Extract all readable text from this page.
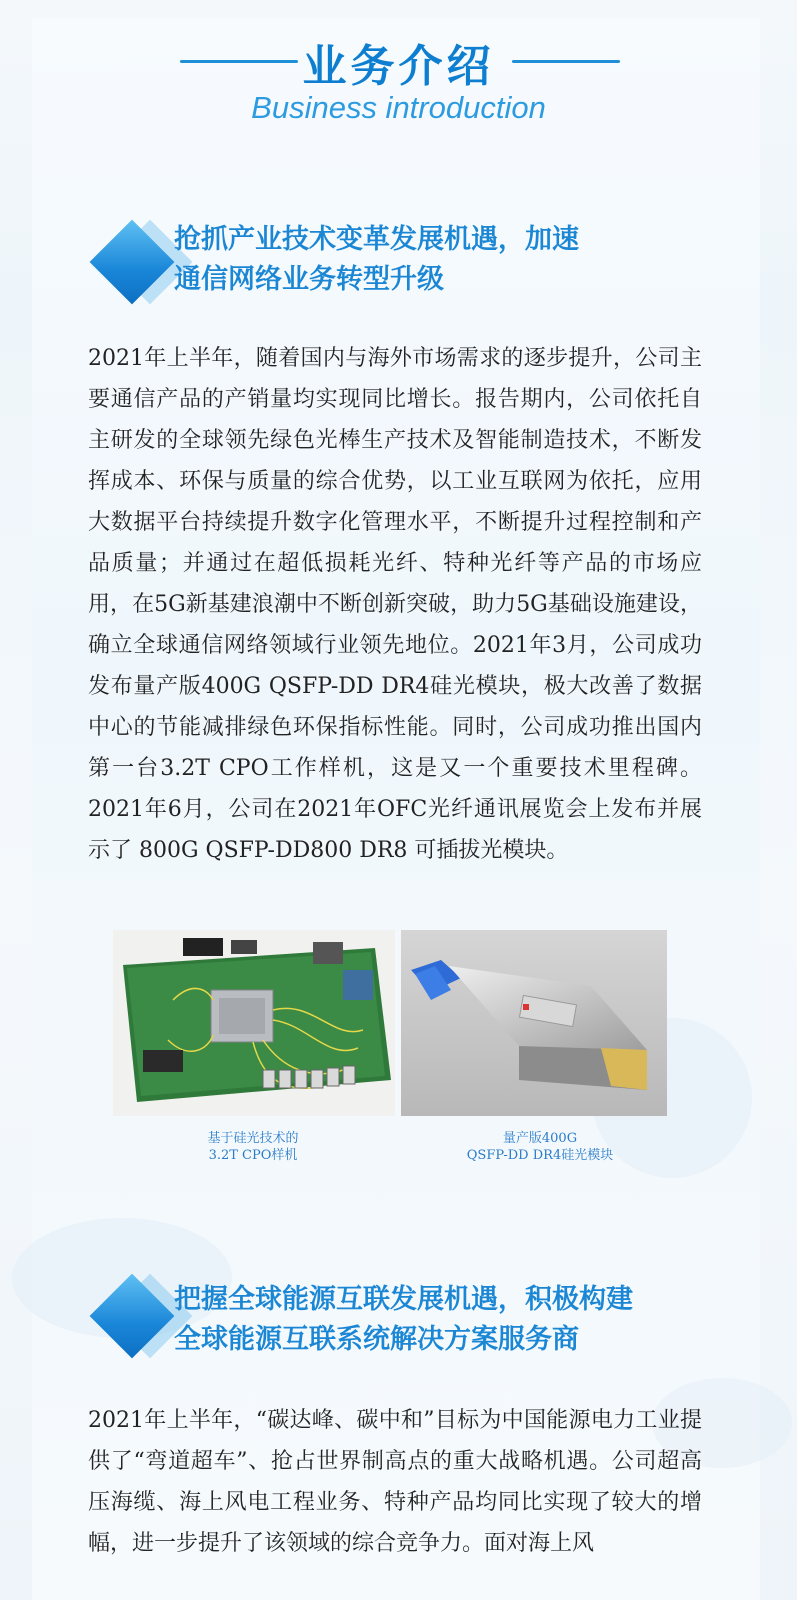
业务介绍
Business introduction
抢抓产业技术变革发展机遇，加速
通信网络业务转型升级
2021年上半年，随着国内与海外市场需求的逐步提升，公司主要通信产品的产销量均实现同比增长。报告期内，公司依托自主研发的全球领先绿色光棒生产技术及智能制造技术，不断发挥成本、环保与质量的综合优势，以工业互联网为依托，应用大数据平台持续提升数字化管理水平，不断提升过程控制和产品质量；并通过在超低损耗光纤、特种光纤等产品的市场应用，在5G新基建浪潮中不断创新突破，助力5G基础设施建设，确立全球通信网络领域行业领先地位。2021年3月，公司成功发布量产版400G QSFP-DD DR4硅光模块，极大改善了数据中心的节能减排绿色环保指标性能。同时，公司成功推出国内第一台3.2T CPO工作样机，这是又一个重要技术里程碑。2021年6月，公司在2021年OFC光纤通讯展览会上发布并展示了 800G QSFP-DD800 DR8 可插拔光模块。
基于硅光技术的
3.2T CPO样机
量产版400G
QSFP-DD DR4硅光模块
把握全球能源互联发展机遇，积极构建
全球能源互联系统解决方案服务商
2021年上半年，“碳达峰、碳中和”目标为中国能源电力工业提供了“弯道超车”、抢占世界制高点的重大战略机遇。公司超高压海缆、海上风电工程业务、特种产品均同比实现了较大的增幅，进一步提升了该领域的综合竞争力。面对海上风
